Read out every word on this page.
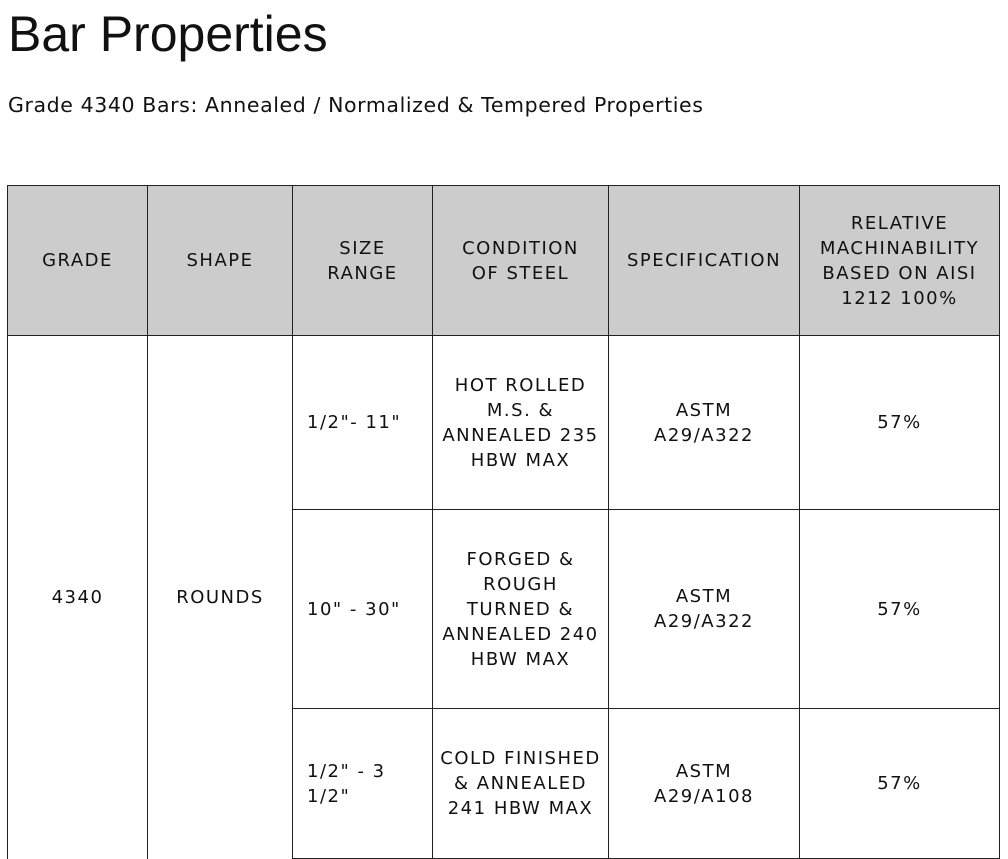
Bar Properties

Grade 4340 Bars: Annealed / Normalized & Tempered Properties

GRADE	SHAPE	SIZE RANGE	CONDITION OF STEEL	SPECIFICATION	RELATIVE MACHINABILITY BASED ON AISI 1212 100%
4340	ROUNDS	1/2"- 11"	HOT ROLLED M.S. & ANNEALED 235 HBW MAX	ASTM A29/A322	57%
		10" - 30"	FORGED & ROUGH TURNED & ANNEALED 240 HBW MAX	ASTM A29/A322	57%
		1/2" - 3 1/2"	COLD FINISHED & ANNEALED 241 HBW MAX	ASTM A29/A108	57%
